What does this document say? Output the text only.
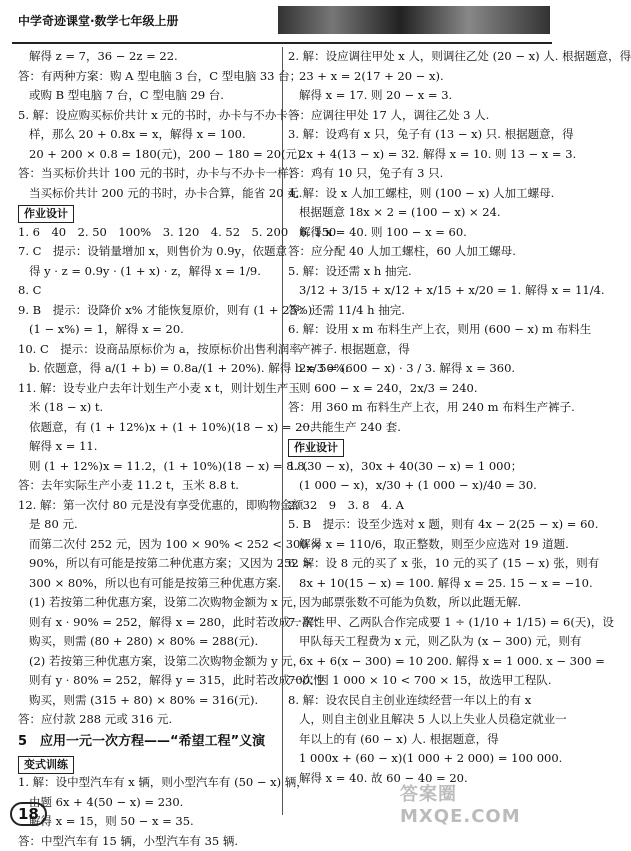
中学奇迹课堂·数学七年级上册
解得 z = 7，36 − 2z = 22.
答：有两种方案：购 A 型电脑 3 台，C 型电脑 33 台；
或购 B 型电脑 7 台，C 型电脑 29 台.
5. 解：设应购买标价共计 x 元的书时，办卡与不办卡一
样，那么 20 + 0.8x = x，解得 x = 100.
20 + 200 × 0.8 = 180(元)，200 − 180 = 20(元).
答：当买标价共计 100 元的书时，办卡与不办卡一样；
当买标价共计 200 元的书时，办卡合算，能省 20 元.
作业设计
1. 6　40　2. 50　100%　3. 120　4. 52　5. 200　6. 150
7. C　提示：设销量增加 x，则售价为 0.9y，依题意
得 y · z = 0.9y · (1 + x) · z，解得 x = 1/9.
8. C
9. B　提示：设降价 x% 才能恢复原价，则有 (1 + 25%)
(1 − x%) = 1，解得 x = 20.
10. C　提示：设商品原标价为 a，按原标价出售利润率
b. 依题意，得 a/(1 + b) = 0.8a/(1 + 20%). 解得 b = 50%.
11. 解：设专业户去年计划生产小麦 x t，则计划生产玉
米 (18 − x) t.
依题意，有 (1 + 12%)x + (1 + 10%)(18 − x) = 20.
解得 x = 11.
则 (1 + 12%)x = 11.2，(1 + 10%)(18 − x) = 8.8.
答：去年实际生产小麦 11.2 t，玉米 8.8 t.
12. 解：第一次付 80 元是没有享受优惠的，即购物金额
是 80 元.
而第二次付 252 元，因为 100 × 90% < 252 < 300 ×
90%，所以有可能是按第二种优惠方案；又因为 252 >
300 × 80%，所以也有可能是按第三种优惠方案.
(1) 若按第二种优惠方案，设第二次购物金额为 x 元，
则有 x · 90% = 252，解得 x = 280，此时若改成一次性
购买，则需 (80 + 280) × 80% = 288(元).
(2) 若按第三种优惠方案，设第二次购物金额为 y 元，
则有 y · 80% = 252，解得 y = 315，此时若改成一次性
购买，则需 (315 + 80) × 80% = 316(元).
答：应付款 288 元或 316 元.
5　应用一元一次方程——“希望工程”义演
变式训练
1. 解：设中型汽车有 x 辆，则小型汽车有 (50 − x) 辆，
由题 6x + 4(50 − x) = 230.
解得 x = 15，则 50 − x = 35.
答：中型汽车有 15 辆，小型汽车有 35 辆.
2. 解：设应调往甲处 x 人，则调往乙处 (20 − x) 人. 根据题意，得
23 + x = 2(17 + 20 − x).
解得 x = 17. 则 20 − x = 3.
答：应调往甲处 17 人，调往乙处 3 人.
3. 解：设鸡有 x 只，兔子有 (13 − x) 只. 根据题意，得
2x + 4(13 − x) = 32. 解得 x = 10. 则 13 − x = 3.
答：鸡有 10 只，兔子有 3 只.
4. 解：设 x 人加工螺柱，则 (100 − x) 人加工螺母.
根据题意 18x × 2 = (100 − x) × 24.
解得 x = 40. 则 100 − x = 60.
答：应分配 40 人加工螺柱，60 人加工螺母.
5. 解：设还需 x h 抽完.
3/12 + 3/15 + x/12 + x/15 + x/20 = 1. 解得 x = 11/4.
答：还需 11/4 h 抽完.
6. 解：设用 x m 布料生产上衣，则用 (600 − x) m 布料生
产裤子. 根据题意，得
2x/3 = (600 − x) · 3 / 3. 解得 x = 360.
则 600 − x = 240，2x/3 = 240.
答：用 360 m 布料生产上衣，用 240 m 布料生产裤子.
一共能生产 240 套.
作业设计
1. (30 − x)，30x + 40(30 − x) = 1 000；
(1 000 − x)，x/30 + (1 000 − x)/40 = 30.
2. 32　9　3. 8　4. A
5. B　提示：设至少选对 x 题，则有 4x − 2(25 − x) = 60.
解得 x = 110/6，取正整数，则至少应选对 19 道题.
6. 解：设 8 元的买了 x 张，10 元的买了 (15 − x) 张，则有
8x + 10(15 − x) = 100. 解得 x = 25. 15 − x = −10.
因为邮票张数不可能为负数，所以此题无解.
7. 解：甲、乙两队合作完成要 1 ÷ (1/10 + 1/15) = 6(天)，设
甲队每天工程费为 x 元，则乙队为 (x − 300) 元，则有
6x + 6(x − 300) = 10 200. 解得 x = 1 000. x − 300 =
700. 因 1 000 × 10 < 700 × 15，故选甲工程队.
8. 解：设农民自主创业连续经营一年以上的有 x
人，则自主创业且解决 5 人以上失业人员稳定就业一
年以上的有 (60 − x) 人. 根据题意，得
1 000x + (60 − x)(1 000 + 2 000) = 100 000.
解得 x = 40. 故 60 − 40 = 20.
18
答案圈 MXQE.COM
